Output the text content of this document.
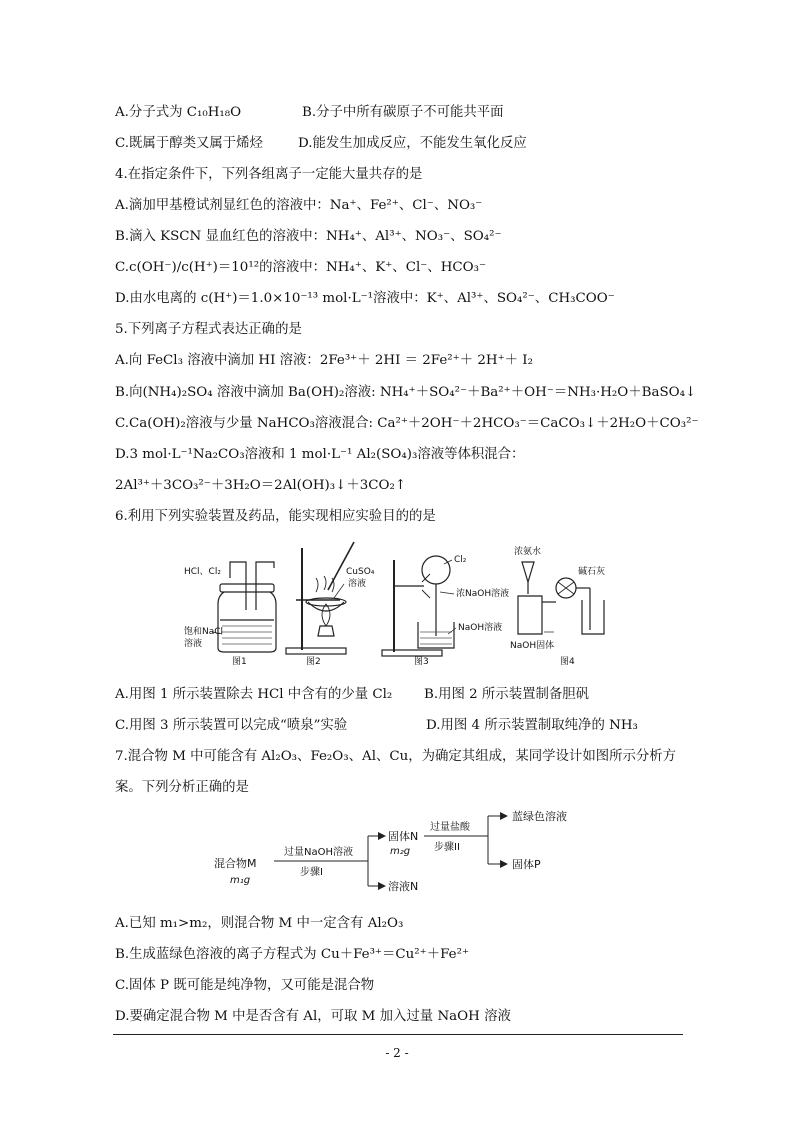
A.分子式为 C₁₀H₁₈O	B.分子中所有碳原子不可能共平面
C.既属于醇类又属于烯烃	D.能发生加成反应，不能发生氧化反应
4.在指定条件下，下列各组离子一定能大量共存的是
A.滴加甲基橙试剂显红色的溶液中：Na⁺、Fe²⁺、Cl⁻、NO₃⁻
B.滴入 KSCN 显血红色的溶液中：NH₄⁺、Al³⁺、NO₃⁻、SO₄²⁻
C.c(OH⁻)/c(H⁺)＝10¹²的溶液中：NH₄⁺、K⁺、Cl⁻、HCO₃⁻
D.由水电离的 c(H⁺)＝1.0×10⁻¹³ mol·L⁻¹溶液中：K⁺、Al³⁺、SO₄²⁻、CH₃COO⁻
5.下列离子方程式表达正确的是
A.向 FeCl₃ 溶液中滴加 HI 溶液：2Fe³⁺＋ 2HI ＝ 2Fe²⁺＋ 2H⁺＋ I₂
B.向(NH₄)₂SO₄ 溶液中滴加 Ba(OH)₂溶液: NH₄⁺＋SO₄²⁻＋Ba²⁺＋OH⁻＝NH₃·H₂O＋BaSO₄↓
C.Ca(OH)₂溶液与少量 NaHCO₃溶液混合: Ca²⁺＋2OH⁻＋2HCO₃⁻＝CaCO₃↓＋2H₂O＋CO₃²⁻
D.3 mol·L⁻¹Na₂CO₃溶液和 1 mol·L⁻¹ Al₂(SO₄)₃溶液等体积混合：
2Al³⁺＋3CO₃²⁻＋3H₂O＝2Al(OH)₃↓＋3CO₂↑
6.利用下列实验装置及药品，能实现相应实验目的的是
HCl、Cl₂
饱和NaCl
溶液
图1
CuSO₄
溶液
图2
Cl₂
浓NaOH溶液
NaOH溶液
图3
浓氨水
碱石灰
NaOH固体
图4
A.用图 1 所示装置除去 HCl 中含有的少量 Cl₂ B.用图 2 所示装置制备胆矾
C.用图 3 所示装置可以完成“喷泉”实验	D.用图 4 所示装置制取纯净的 NH₃
7.混合物 M 中可能含有 Al₂O₃、Fe₂O₃、Al、Cu，为确定其组成，某同学设计如图所示分析方
案。下列分析正确的是
混合物M
m₁g
过量NaOH溶液
步骤I
固体N
m₂g
溶液N
过量盐酸
步骤II
蓝绿色溶液
固体P
A.已知 m₁>m₂，则混合物 M 中一定含有 Al₂O₃
B.生成蓝绿色溶液的离子方程式为 Cu＋Fe³⁺＝Cu²⁺＋Fe²⁺
C.固体 P 既可能是纯净物，又可能是混合物
D.要确定混合物 M 中是否含有 Al，可取 M 加入过量 NaOH 溶液
- 2 -
